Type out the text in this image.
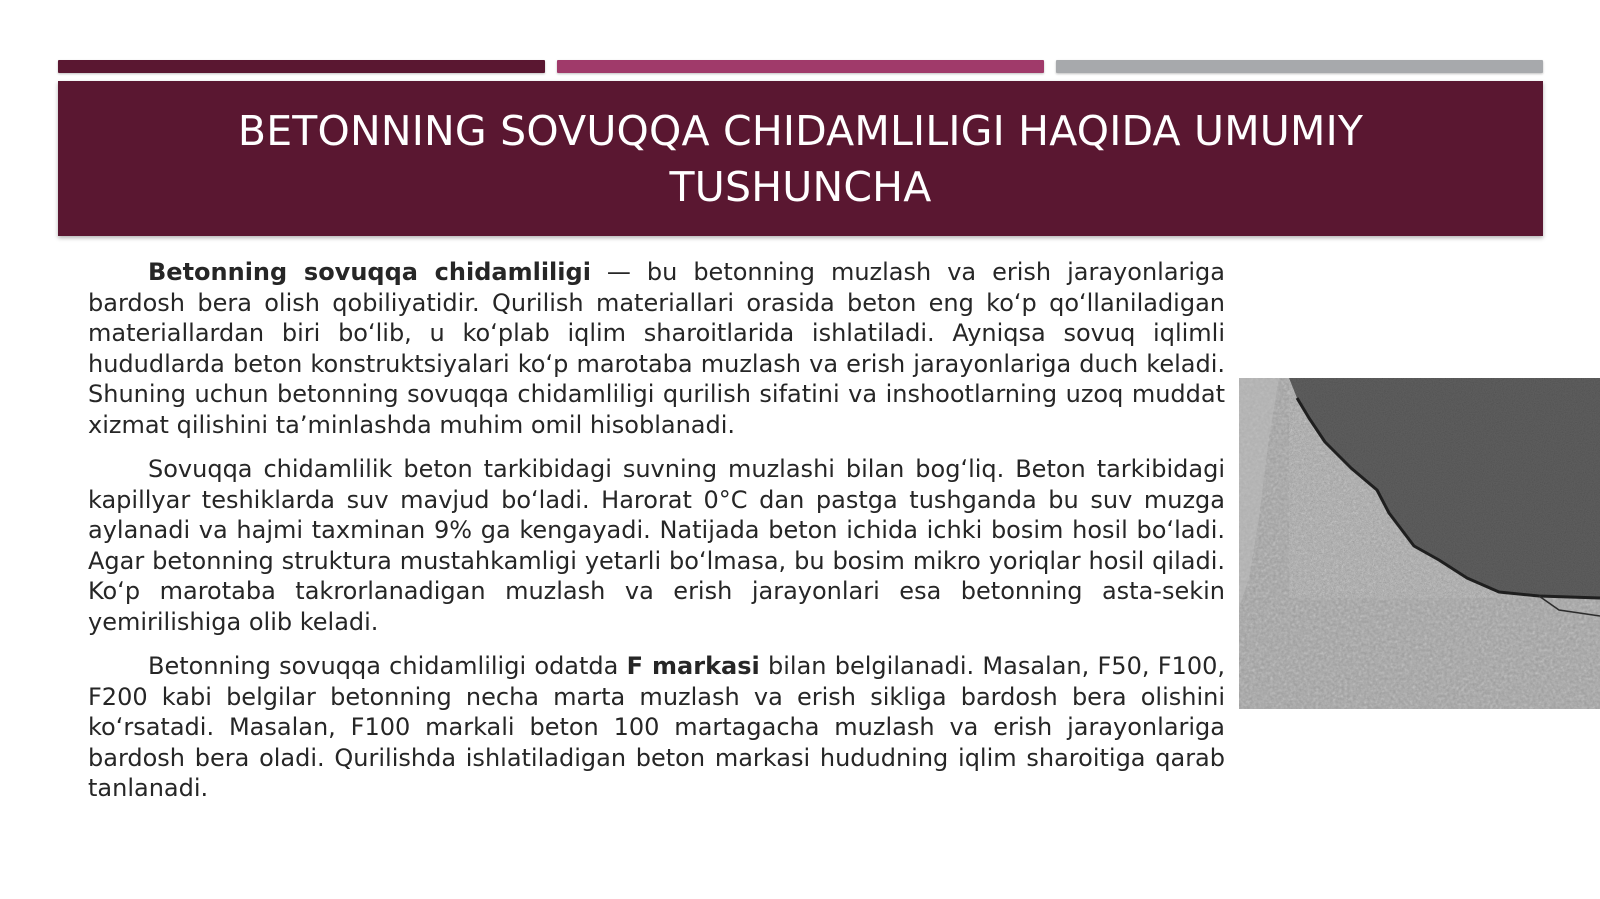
BETONNING SOVUQQA CHIDAMLILIGI HAQIDA UMUMIY TUSHUNCHA

Betonning sovuqqa chidamliligi — bu betonning muzlash va erish jarayonlariga bardosh bera olish qobiliyatidir. Qurilish materiallari orasida beton eng koʻp qoʻllaniladigan materiallardan biri boʻlib, u koʻplab iqlim sharoitlarida ishlatiladi. Ayniqsa sovuq iqlimli hududlarda beton konstruktsiyalari koʻp marotaba muzlash va erish jarayonlariga duch keladi. Shuning uchun betonning sovuqqa chidamliligi qurilish sifatini va inshootlarning uzoq muddat xizmat qilishini taʼminlashda muhim omil hisoblanadi.

Sovuqqa chidamlilik beton tarkibidagi suvning muzlashi bilan bogʻliq. Beton tarkibidagi kapillyar teshiklarda suv mavjud boʻladi. Harorat 0°C dan pastga tushganda bu suv muzga aylanadi va hajmi taxminan 9% ga kengayadi. Natijada beton ichida ichki bosim hosil boʻladi. Agar betonning struktura mustahkamligi yetarli boʻlmasa, bu bosim mikro yoriqlar hosil qiladi. Koʻp marotaba takrorlanadigan muzlash va erish jarayonlari esa betonning asta-sekin yemirilishiga olib keladi.

Betonning sovuqqa chidamliligi odatda F markasi bilan belgilanadi. Masalan, F50, F100, F200 kabi belgilar betonning necha marta muzlash va erish sikliga bardosh bera olishini koʻrsatadi. Masalan, F100 markali beton 100 martagacha muzlash va erish jarayonlariga bardosh bera oladi. Qurilishda ishlatiladigan beton markasi hududning iqlim sharoitiga qarab tanlanadi.
